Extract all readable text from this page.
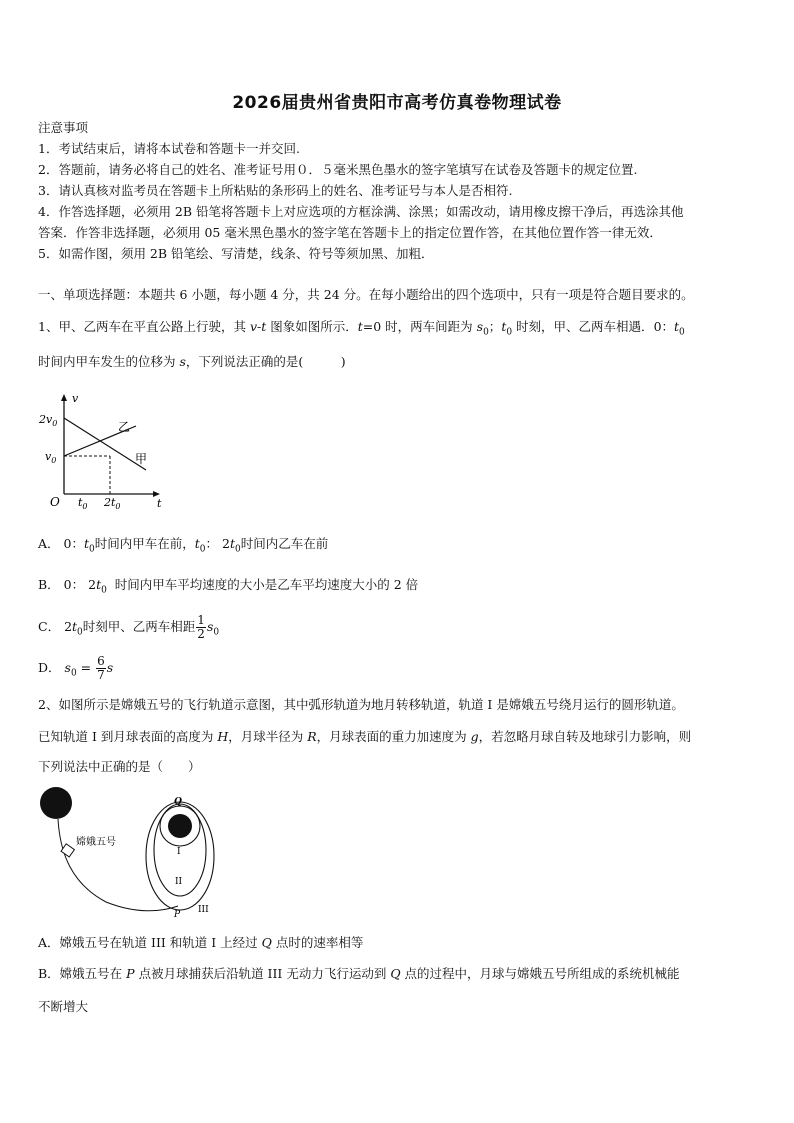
2026届贵州省贵阳市高考仿真卷物理试卷
注意事项
1．考试结束后，请将本试卷和答题卡一并交回.
2．答题前，请务必将自己的姓名、准考证号用０．５毫米黑色墨水的签字笔填写在试卷及答题卡的规定位置.
3．请认真核对监考员在答题卡上所粘贴的条形码上的姓名、准考证号与本人是否相符.
4．作答选择题，必须用 2B 铅笔将答题卡上对应选项的方框涂满、涂黑；如需改动，请用橡皮擦干净后，再选涂其他
答案．作答非选择题，必须用 05 毫米黑色墨水的签字笔在答题卡上的指定位置作答，在其他位置作答一律无效．
5．如需作图，须用 2B 铅笔绘、写清楚，线条、符号等须加黑、加粗．
一、单项选择题：本题共 6 小题，每小题 4 分，共 24 分。在每小题给出的四个选项中，只有一项是符合题目要求的。
1、甲、乙两车在平直公路上行驶，其 v-t 图象如图所示．t=0 时，两车间距为 $s_0$；$t_0$ 时刻，甲、乙两车相遇．0：$t_0$
时间内甲车发生的位移为 s，下列说法正确的是(　　　)
v
t
O
$2v_0$
$v_0$
$t_0$ $2t_0$
乙
甲
A． 0：$t_0$时间内甲车在前，$t_0$： $2t_0$时间内乙车在前
B． 0： $2t_0$ 时间内甲车平均速度的大小是乙车平均速度大小的 2 倍
C． $2t_0$时刻甲、乙两车相距 $\frac{1}{2} s_0$
D． $s_0 = \frac{6}{7}$ s
2、如图所示是嫦娥五号的飞行轨道示意图，其中弧形轨道为地月转移轨道，轨道 I 是嫦娥五号绕月运行的圆形轨道。
已知轨道 I 到月球表面的高度为 H，月球半径为 R，月球表面的重力加速度为 g，若忽略月球自转及地球引力影响，则
下列说法中正确的是（　　）
嫦娥五号
Q
P
I
II
III
A．嫦娥五号在轨道 III 和轨道 I 上经过 Q 点时的速率相等
B．嫦娥五号在 P 点被月球捕获后沿轨道 III 无动力飞行运动到 Q 点的过程中，月球与嫦娥五号所组成的系统机械能
不断增大
